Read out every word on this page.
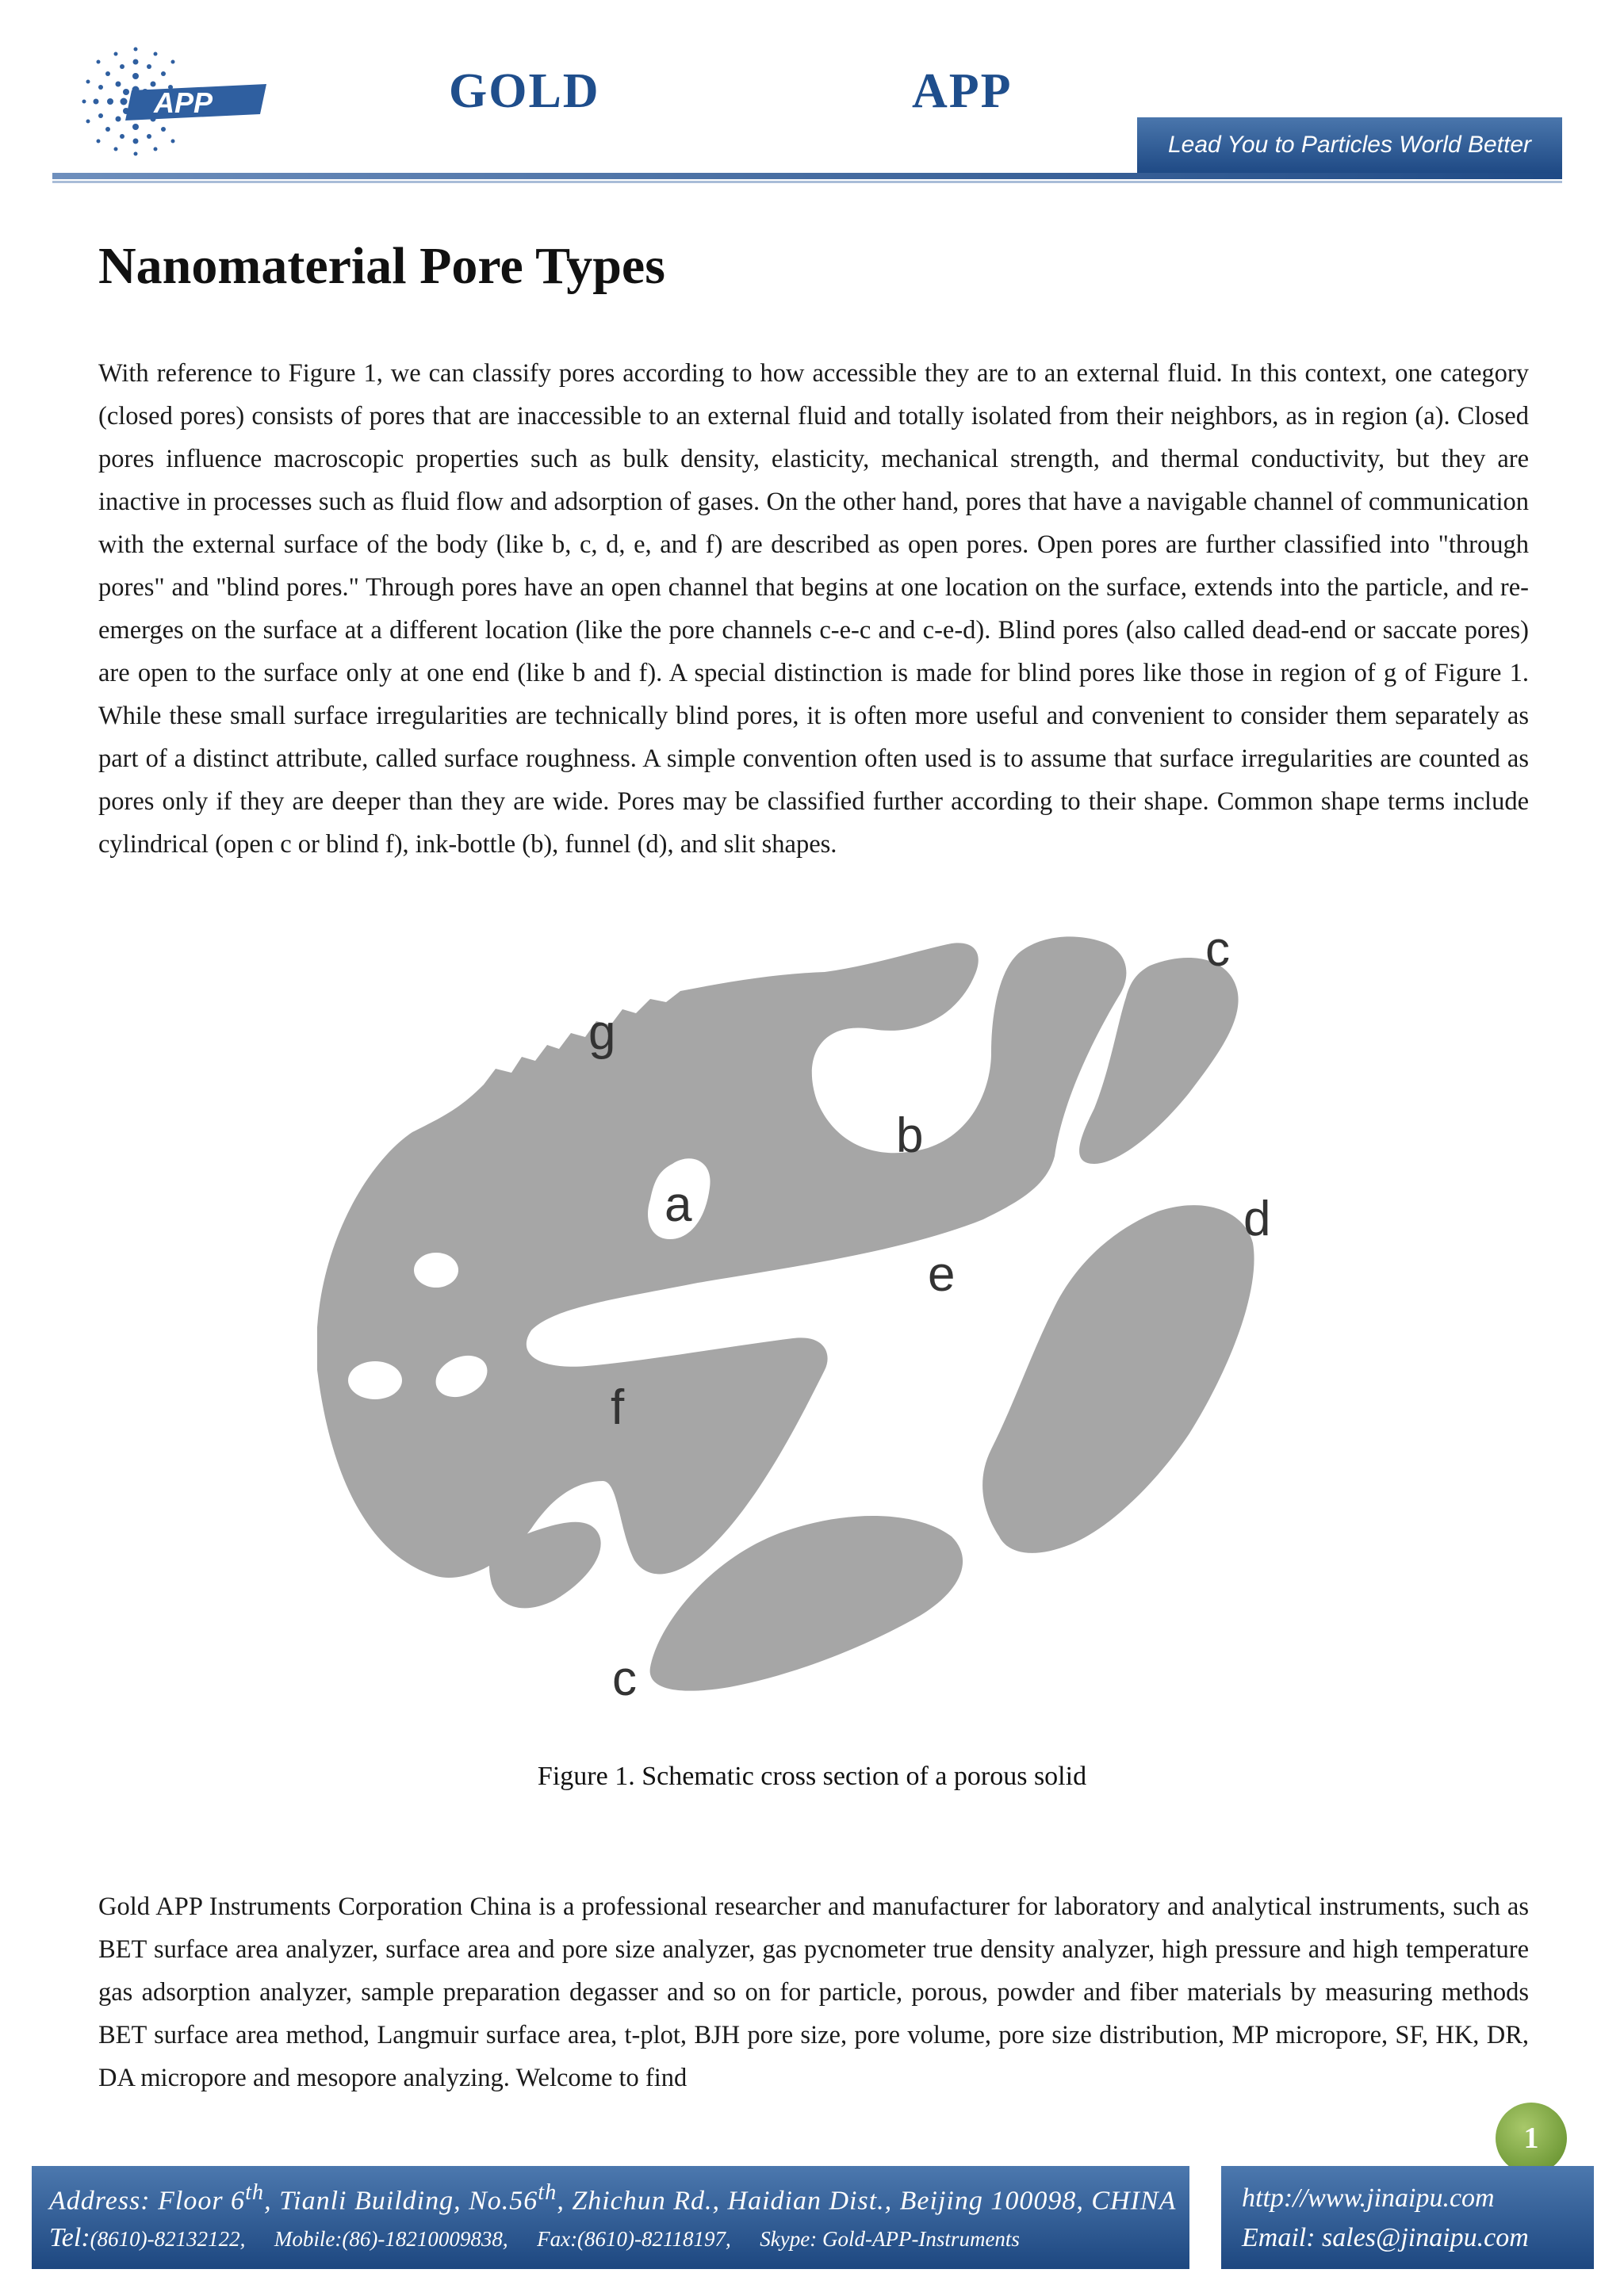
APP	GOLD	APP
Lead You to Particles World Better
Nanomaterial Pore Types

With reference to Figure 1, we can classify pores according to how accessible they are to an external fluid. In this context, one category (closed pores) consists of pores that are inaccessible to an external fluid and totally isolated from their neighbors, as in region (a). Closed pores influence macroscopic properties such as bulk density, elasticity, mechanical strength, and thermal conductivity, but they are inactive in processes such as fluid flow and adsorption of gases. On the other hand, pores that have a navigable channel of communication with the external surface of the body (like b, c, d, e, and f) are described as open pores. Open pores are further classified into "through pores" and "blind pores." Through pores have an open channel that begins at one location on the surface, extends into the particle, and re-emerges on the surface at a different location (like the pore channels c-e-c and c-e-d). Blind pores (also called dead-end or saccate pores) are open to the surface only at one end (like b and f). A special distinction is made for blind pores like those in region of g of Figure 1. While these small surface irregularities are technically blind pores, it is often more useful and convenient to consider them separately as part of a distinct attribute, called surface roughness. A simple convention often used is to assume that surface irregularities are counted as pores only if they are deeper than they are wide. Pores may be classified further according to their shape. Common shape terms include cylindrical (open c or blind f), ink-bottle (b), funnel (d), and slit shapes.

g
c
b
a	d
e
f
c
Figure 1. Schematic cross section of a porous solid

Gold APP Instruments Corporation China is a professional researcher and manufacturer for laboratory and analytical instruments, such as BET surface area analyzer, surface area and pore size analyzer, gas pycnometer true density analyzer, high pressure and high temperature gas adsorption analyzer, sample preparation degasser and so on for particle, porous, powder and fiber materials by measuring methods BET surface area method, Langmuir surface area, t-plot, BJH pore size, pore volume, pore size distribution, MP micropore, SF, HK, DR, DA micropore and mesopore analyzing. Welcome to find

1
Address: Floor 6th, Tianli Building, No.56th, Zhichun Rd., Haidian Dist., Beijing 100098, CHINA
Tel:(8610)-82132122, Mobile:(86)-18210009838, Fax:(8610)-82118197, Skype: Gold-APP-Instruments
http://www.jinaipu.com
Email: sales@jinaipu.com
